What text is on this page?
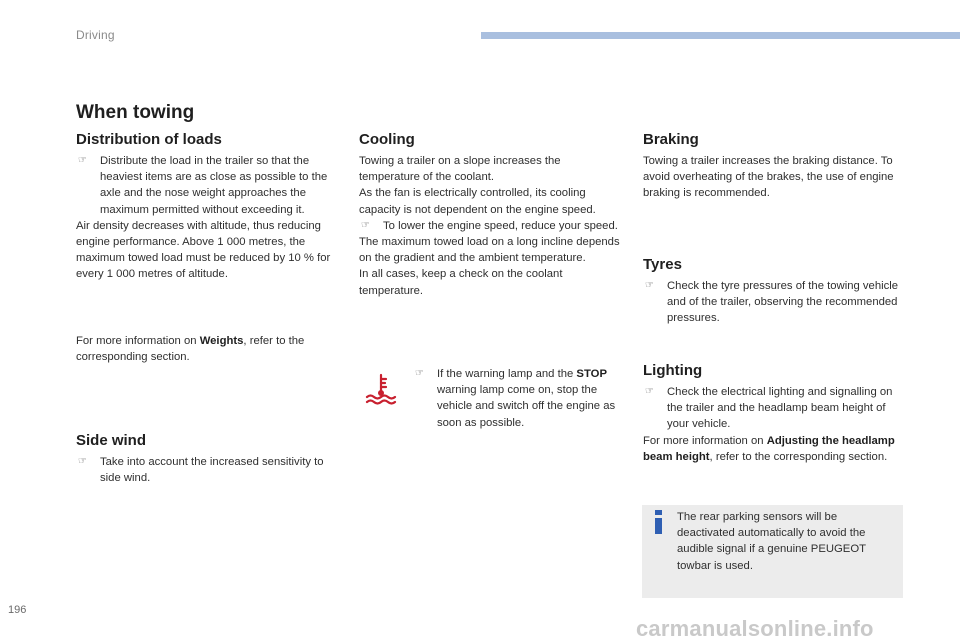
Driving
When towing
Distribution of loads
☞ Distribute the load in the trailer so that the heaviest items are as close as possible to the axle and the nose weight approaches the maximum permitted without exceeding it.

Air density decreases with altitude, thus reducing engine performance. Above 1 000 metres, the maximum towed load must be reduced by 10 % for every 1 000 metres of altitude.

For more information on Weights, refer to the corresponding section.

Side wind
☞ Take into account the increased sensitivity to side wind.
Cooling

Towing a trailer on a slope increases the temperature of the coolant.

As the fan is electrically controlled, its cooling capacity is not dependent on the engine speed.

☞ To lower the engine speed, reduce your speed.

The maximum towed load on a long incline depends on the gradient and the ambient temperature.

In all cases, keep a check on the coolant temperature.

☞ If the warning lamp and the STOP warning lamp come on, stop the vehicle and switch off the engine as soon as possible.
Braking

Towing a trailer increases the braking distance. To avoid overheating of the brakes, the use of engine braking is recommended.

Tyres
☞ Check the tyre pressures of the towing vehicle and of the trailer, observing the recommended pressures.
Lighting
☞ Check the electrical lighting and signalling on the trailer and the headlamp beam height of your vehicle.

For more information on Adjusting the headlamp beam height, refer to the corresponding section.

The rear parking sensors will be deactivated automatically to avoid the audible signal if a genuine PEUGEOT towbar is used.

196
carmanualsonline.info
